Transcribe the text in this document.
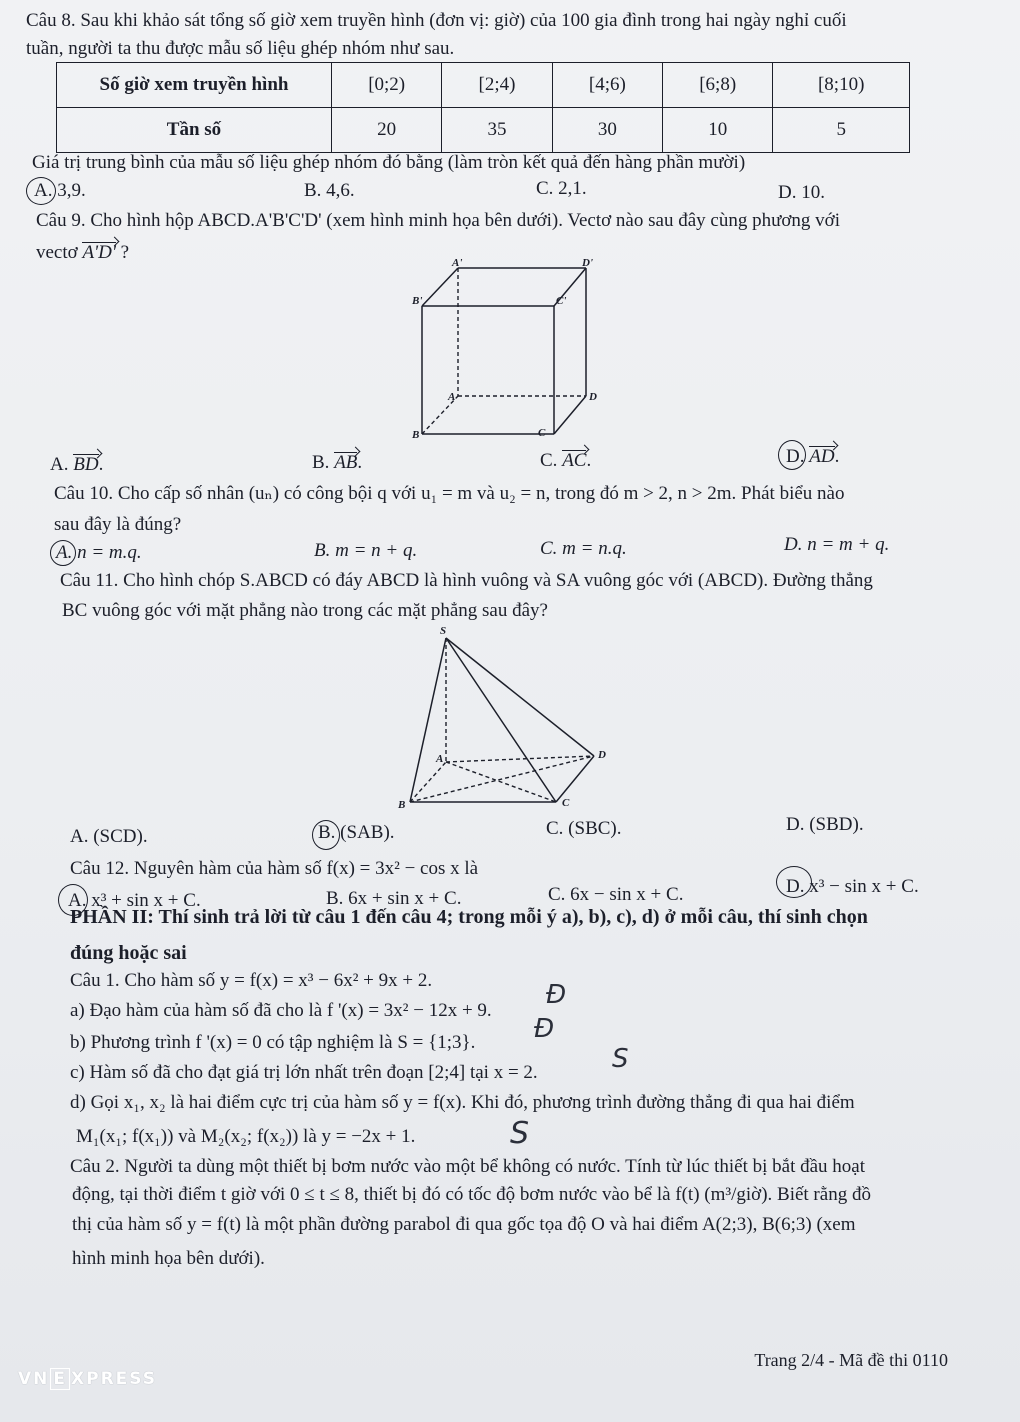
Câu 8. Sau khi khảo sát tổng số giờ xem truyền hình (đơn vị: giờ) của 100 gia đình trong hai ngày nghỉ cuối
tuần, người ta thu được mẫu số liệu ghép nhóm như sau.
Số giờ xem truyền hình	[0;2)	[2;4)	[4;6)	[6;8)	[8;10)
Tần số	20	35	30	10	5
Giá trị trung bình của mẫu số liệu ghép nhóm đó bằng (làm tròn kết quả đến hàng phần mười)
A. 3,9.	B. 4,6.	C. 2,1.	D. 10.
Câu 9. Cho hình hộp ABCD.A'B'C'D' (xem hình minh họa bên dưới). Vectơ nào sau đây cùng phương với
vectơ A'D' ?	A'	D'
B'	C'
A	D
B	C
A. BD.	B. AB.	C. AC.	D. AD.
Câu 10. Cho cấp số nhân (uₙ) có công bội q với u₁ = m và u₂ = n, trong đó m > 2, n > 2m. Phát biểu nào
sau đây là đúng?
A. n = m.q.	B. m = n + q.	C. m = n.q.	D. n = m + q.
Câu 11. Cho hình chóp S.ABCD có đáy ABCD là hình vuông và SA vuông góc với (ABCD). Đường thẳng
BC vuông góc với mặt phẳng nào trong các mặt phẳng sau đây?
S
A	D
B	C
A. (SCD).	B. (SAB).	C. (SBC).	D. (SBD).
Câu 12. Nguyên hàm của hàm số f(x) = 3x² − cos x là
A. x³ + sin x + C.	B. 6x + sin x + C.	C. 6x − sin x + C.	D. x³ − sin x + C.
PHẦN II: Thí sinh trả lời từ câu 1 đến câu 4; trong mỗi ý a), b), c), d) ở mỗi câu, thí sinh chọn
đúng hoặc sai
Câu 1. Cho hàm số y = f(x) = x³ − 6x² + 9x + 2.
a) Đạo hàm của hàm số đã cho là f '(x) = 3x² − 12x + 9.
Đ
b) Phương trình f '(x) = 0 có tập nghiệm là S = {1;3}. Đ
c) Hàm số đã cho đạt giá trị lớn nhất trên đoạn [2;4] tại x = 2.	S
d) Gọi x₁, x₂ là hai điểm cực trị của hàm số y = f(x). Khi đó, phương trình đường thẳng đi qua hai điểm
M₁(x₁; f(x₁)) và M₂(x₂; f(x₂)) là y = −2x + 1.	S
Câu 2. Người ta dùng một thiết bị bơm nước vào một bể không có nước. Tính từ lúc thiết bị bắt đầu hoạt
động, tại thời điểm t giờ với 0 ≤ t ≤ 8, thiết bị đó có tốc độ bơm nước vào bể là f(t) (m³/giờ). Biết rằng đồ
thị của hàm số y = f(t) là một phần đường parabol đi qua gốc tọa độ O và hai điểm A(2;3), B(6;3) (xem
hình minh họa bên dưới).
Trang 2/4 - Mã đề thi 0110
VN E XPRESS
